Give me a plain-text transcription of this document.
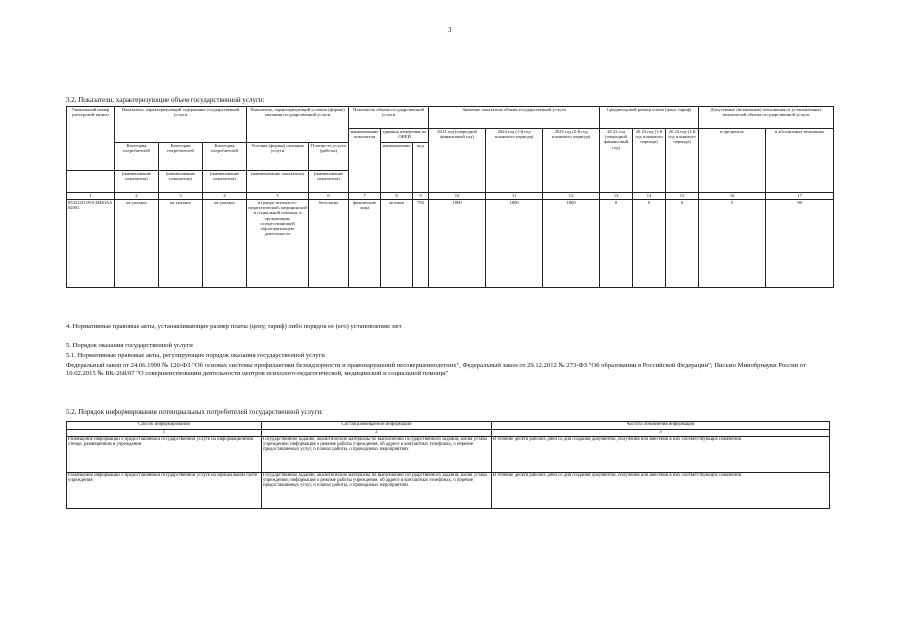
3
3.2. Показатели, характеризующие объем государственной услуги:
Уникальный номер реестровой записи	Показатель, характеризующий содержание государственной услуги			Показатель, характеризующий условия (формы) оказания государственной услуги		Показатель объема государственной услуги			Значение показателя объема государственной услуги			Среднегодовой размер платы (цена, тариф)			Допустимые (возможные) отклонения от установленных показателей объема государственной услуги	
						наименование показателя	единица измерения по ОКЕИ		2023 год (очередной финансовый год)	2024 год (1-й год планового периода)	2025 год (2-й год планового периода)	20 23 год (очередной финансовый год)	20 24 год (1-й год планового периода)	20 24 год (2-й год планового периода)	в процентах	в абсолютных величинах
	Категория потребителей	Категория потребителей	Категория потребителей	Условия (формы) оказания услуги	Платность услуги (работы)		наименование	код								
	(наименование показателя)	(наименование показателя)	(наименование показателя)	(наименование показателя)	(наименование показателя)											
1	2	3	4	5	6	7	8	9	10	11	12	13	14	15	16	17
853212О.99.0.БВ20АА02001	не указано	не указано	не указано	в центре психолого-педагогической, медицинской и социальной помощи; в организации, осуществляющей образовательную деятельность	бесплатно	физические лица	человек	792	1800	1800	1800	0	0	0	5	90
4. Нормативные правовые акты, устанавливающие размер платы (цену, тариф) либо порядок ее (его) установления: нет
5. Порядок оказания государственной услуги
5.1. Нормативные правовые акты, регулирующие порядок оказания государственной услуги
Федеральный закон от 24.06.1999 № 120-ФЗ "Об основах системы профилактики безнадзорности и правонарушений несовершеннолетних", Федеральный закон от 29.12.2012 № 273-ФЗ "Об образовании в Российской Федерации"; Письмо Минобрнауки России от 10.02.2015 № ВК-268/07 "О совершенствовании деятельности центров психолого-педагогической, медицинской и социальной помощи"
5.2. Порядок информирования потенциальных потребителей государственной услуги:
Способ информирования	Состав размещаемой информации	Частота обновления информации
1	2	3
Размещение информации о предоставляемой государственной услуге на информационном стенде, размещенном в учреждении	Государственное задание, аналитические материалы по выполнению государственного задания; копия устава учреждения; информация о режиме работы учреждения, об адресе и контактных телефонах, о перечне предоставляемых услуг, о планах работы, о проводимых мероприятиях	В течение десяти рабочих дней со дня создания документов, получения или внесения в них соответствующих изменений
Размещение информации о предоставляемой государственной услуге на официальном сайте учреждения	Государственное задание, аналитические материалы по выполнению государственного задания; копия устава учреждения; информация о режиме работы учреждения, об адресе и контактных телефонах, о перечне предоставляемых услуг, о планах работы, о проводимых мероприятиях	В течение десяти рабочих дней со дня создания документов, получения или внесения в них соответствующих изменений
